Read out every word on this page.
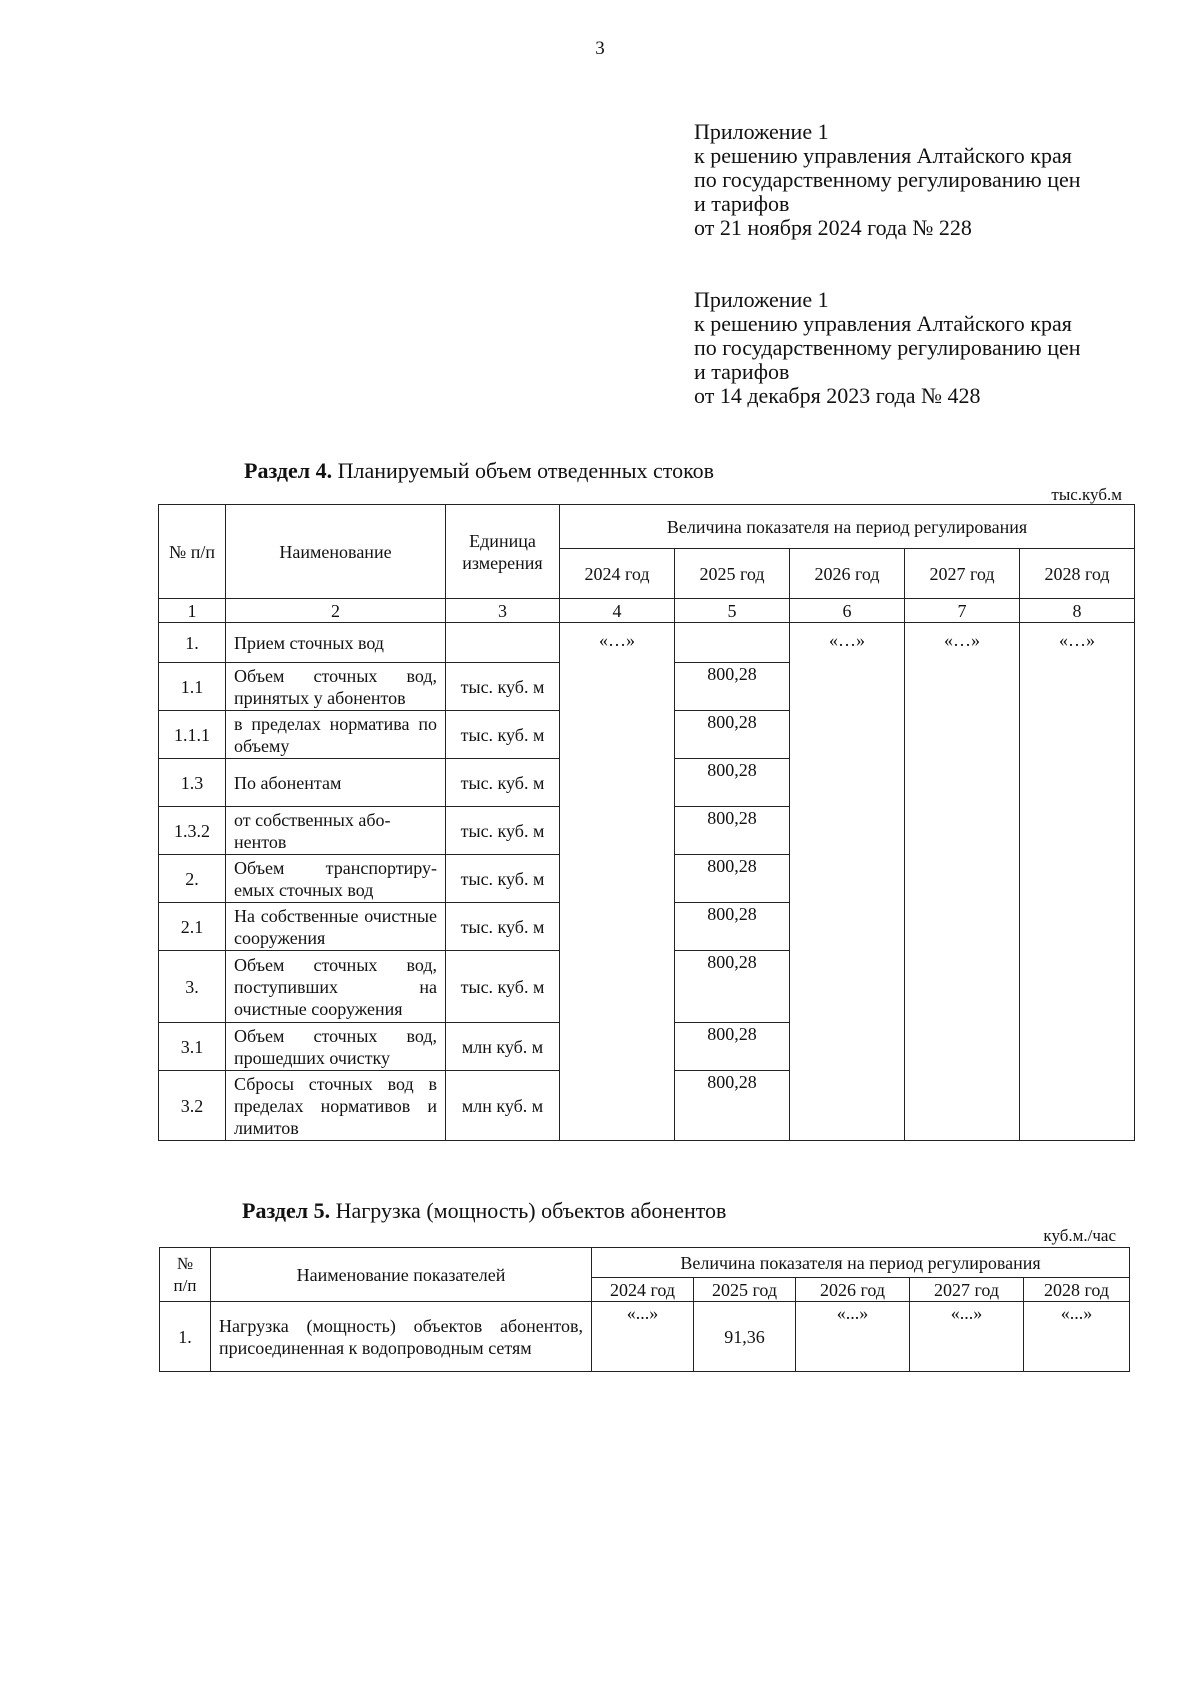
3
Приложение 1
к решению управления Алтайского края
по государственному регулированию цен
и тарифов
от 21 ноября 2024 года № 228
Приложение 1
к решению управления Алтайского края
по государственному регулированию цен
и тарифов
от 14 декабря 2023 года № 428
Раздел 4. Планируемый объем отведенных стоков
тыс.куб.м
№ п/п	Наименование	Единица измерения	Величина показателя на период регулирования				
			2024 год	2025 год	2026 год	2027 год	2028 год
1	2	3	4	5	6	7	8
1.	Прием сточных вод		«…»		«…»	«…»	«…»
1.1	Объем сточных вод, принятых у абонентов	тыс. куб. м		800,28			
1.1.1	в пределах норматива по объему	тыс. куб. м		800,28			
1.3	По абонентам	тыс. куб. м		800,28			
1.3.2	от собственных або-нентов	тыс. куб. м		800,28			
2.	Объем транспортиру-емых сточных вод	тыс. куб. м		800,28			
2.1	На собственные очистные сооружения	тыс. куб. м		800,28			
3.	Объем сточных вод, поступивших на очистные сооружения	тыс. куб. м		800,28			
3.1	Объем сточных вод, прошедших очистку	млн куб. м		800,28			
3.2	Сбросы сточных вод в пределах нормативов и лимитов	млн куб. м		800,28			
Раздел 5. Нагрузка (мощность) объектов абонентов
куб.м./час
№ п/п	Наименование показателей	Величина показателя на период регулирования				
		2024 год	2025 год	2026 год	2027 год	2028 год
1.	Нагрузка (мощность) объектов абонентов, присоединенная к водопроводным сетям	«...»	91,36	«...»	«...»	«...»
